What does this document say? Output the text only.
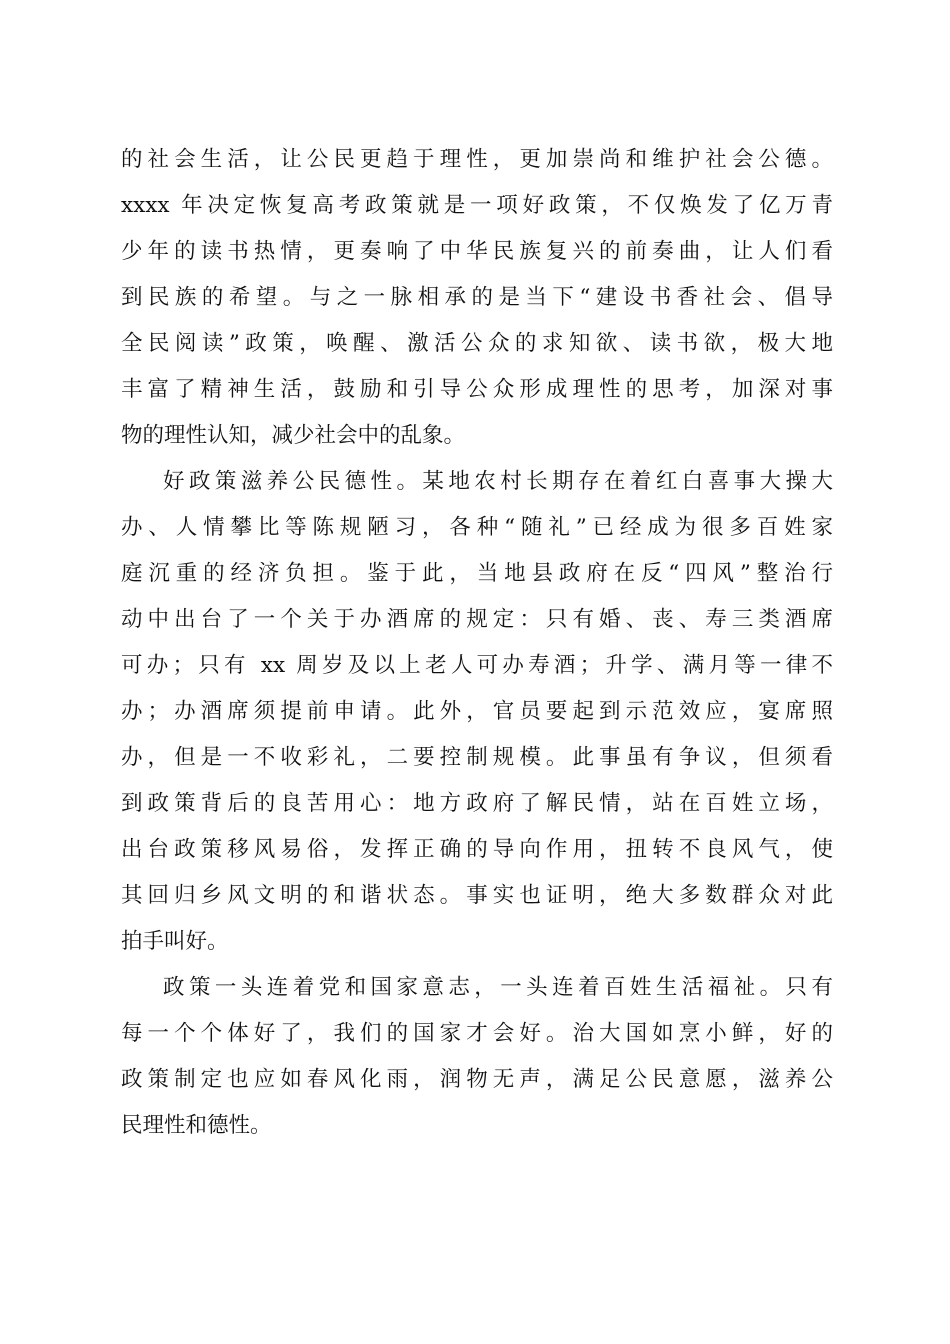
的社会生活，让公民更趋于理性，更加崇尚和维护社会公德。
xxxx 年决定恢复高考政策就是一项好政策，不仅焕发了亿万青
少年的读书热情，更奏响了中华民族复兴的前奏曲，让人们看
到民族的希望。与之一脉相承的是当下“建设书香社会、倡导
全民阅读”政策，唤醒、激活公众的求知欲、读书欲，极大地
丰富了精神生活，鼓励和引导公众形成理性的思考，加深对事
物的理性认知，减少社会中的乱象。
好政策滋养公民德性。某地农村长期存在着红白喜事大操大
办、人情攀比等陈规陋习，各种“随礼”已经成为很多百姓家
庭沉重的经济负担。鉴于此，当地县政府在反“四风”整治行
动中出台了一个关于办酒席的规定：只有婚、丧、寿三类酒席
可办；只有 xx 周岁及以上老人可办寿酒；升学、满月等一律不
办；办酒席须提前申请。此外，官员要起到示范效应，宴席照
办，但是一不收彩礼，二要控制规模。此事虽有争议，但须看
到政策背后的良苦用心：地方政府了解民情，站在百姓立场，
出台政策移风易俗，发挥正确的导向作用，扭转不良风气，使
其回归乡风文明的和谐状态。事实也证明，绝大多数群众对此
拍手叫好。
政策一头连着党和国家意志，一头连着百姓生活福祉。只有
每一个个体好了，我们的国家才会好。治大国如烹小鲜，好的
政策制定也应如春风化雨，润物无声，满足公民意愿，滋养公
民理性和德性。
